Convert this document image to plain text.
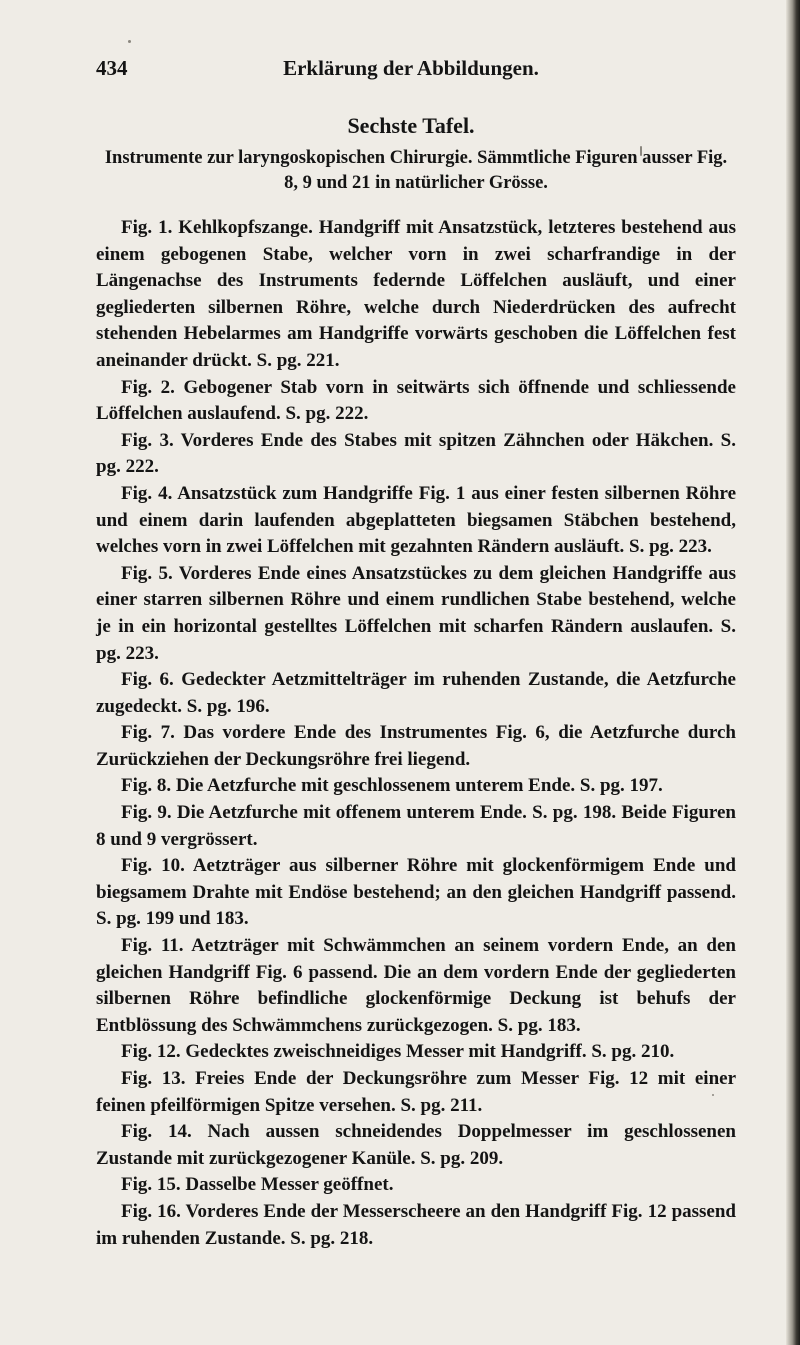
434	Erklärung der Abbildungen.
Sechste Tafel.
Instrumente zur laryngoskopischen Chirurgie. Sämmtliche Figuren ausser Fig. 8, 9 und 21 in natürlicher Grösse.

Fig. 1. Kehlkopfszange. Handgriff mit Ansatzstück, letzteres bestehend aus einem gebogenen Stabe, welcher vorn in zwei scharfrandige in der Längenachse des Instruments federnde Löffelchen ausläuft, und einer gegliederten silbernen Röhre, welche durch Niederdrücken des aufrecht stehenden Hebelarmes am Handgriffe vorwärts geschoben die Löffelchen fest aneinander drückt. S. pg. 221.

Fig. 2. Gebogener Stab vorn in seitwärts sich öffnende und schliessende Löffelchen auslaufend. S. pg. 222.

Fig. 3. Vorderes Ende des Stabes mit spitzen Zähnchen oder Häkchen. S. pg. 222.

Fig. 4. Ansatzstück zum Handgriffe Fig. 1 aus einer festen silbernen Röhre und einem darin laufenden abgeplatteten biegsamen Stäbchen bestehend, welches vorn in zwei Löffelchen mit gezahnten Rändern ausläuft. S. pg. 223.

Fig. 5. Vorderes Ende eines Ansatzstückes zu dem gleichen Handgriffe aus einer starren silbernen Röhre und einem rundlichen Stabe bestehend, welche je in ein horizontal gestelltes Löffelchen mit scharfen Rändern auslaufen. S. pg. 223.

Fig. 6. Gedeckter Aetzmittelträger im ruhenden Zustande, die Aetzfurche zugedeckt. S. pg. 196.

Fig. 7. Das vordere Ende des Instrumentes Fig. 6, die Aetzfurche durch Zurückziehen der Deckungsröhre frei liegend.

Fig. 8. Die Aetzfurche mit geschlossenem unterem Ende. S. pg. 197.

Fig. 9. Die Aetzfurche mit offenem unterem Ende. S. pg. 198. Beide Figuren 8 und 9 vergrössert.

Fig. 10. Aetzträger aus silberner Röhre mit glockenförmigem Ende und biegsamem Drahte mit Endöse bestehend; an den gleichen Handgriff passend. S. pg. 199 und 183.

Fig. 11. Aetzträger mit Schwämmchen an seinem vordern Ende, an den gleichen Handgriff Fig. 6 passend. Die an dem vordern Ende der gegliederten silbernen Röhre befindliche glockenförmige Deckung ist behufs der Entblössung des Schwämmchens zurückgezogen. S. pg. 183.

Fig. 12. Gedecktes zweischneidiges Messer mit Handgriff. S. pg. 210.

Fig. 13. Freies Ende der Deckungsröhre zum Messer Fig. 12 mit einer feinen pfeilförmigen Spitze versehen. S. pg. 211.

Fig. 14. Nach aussen schneidendes Doppelmesser im geschlossenen Zustande mit zurückgezogener Kanüle. S. pg. 209.

Fig. 15. Dasselbe Messer geöffnet.

Fig. 16. Vorderes Ende der Messerscheere an den Handgriff Fig. 12 passend im ruhenden Zustande. S. pg. 218.
